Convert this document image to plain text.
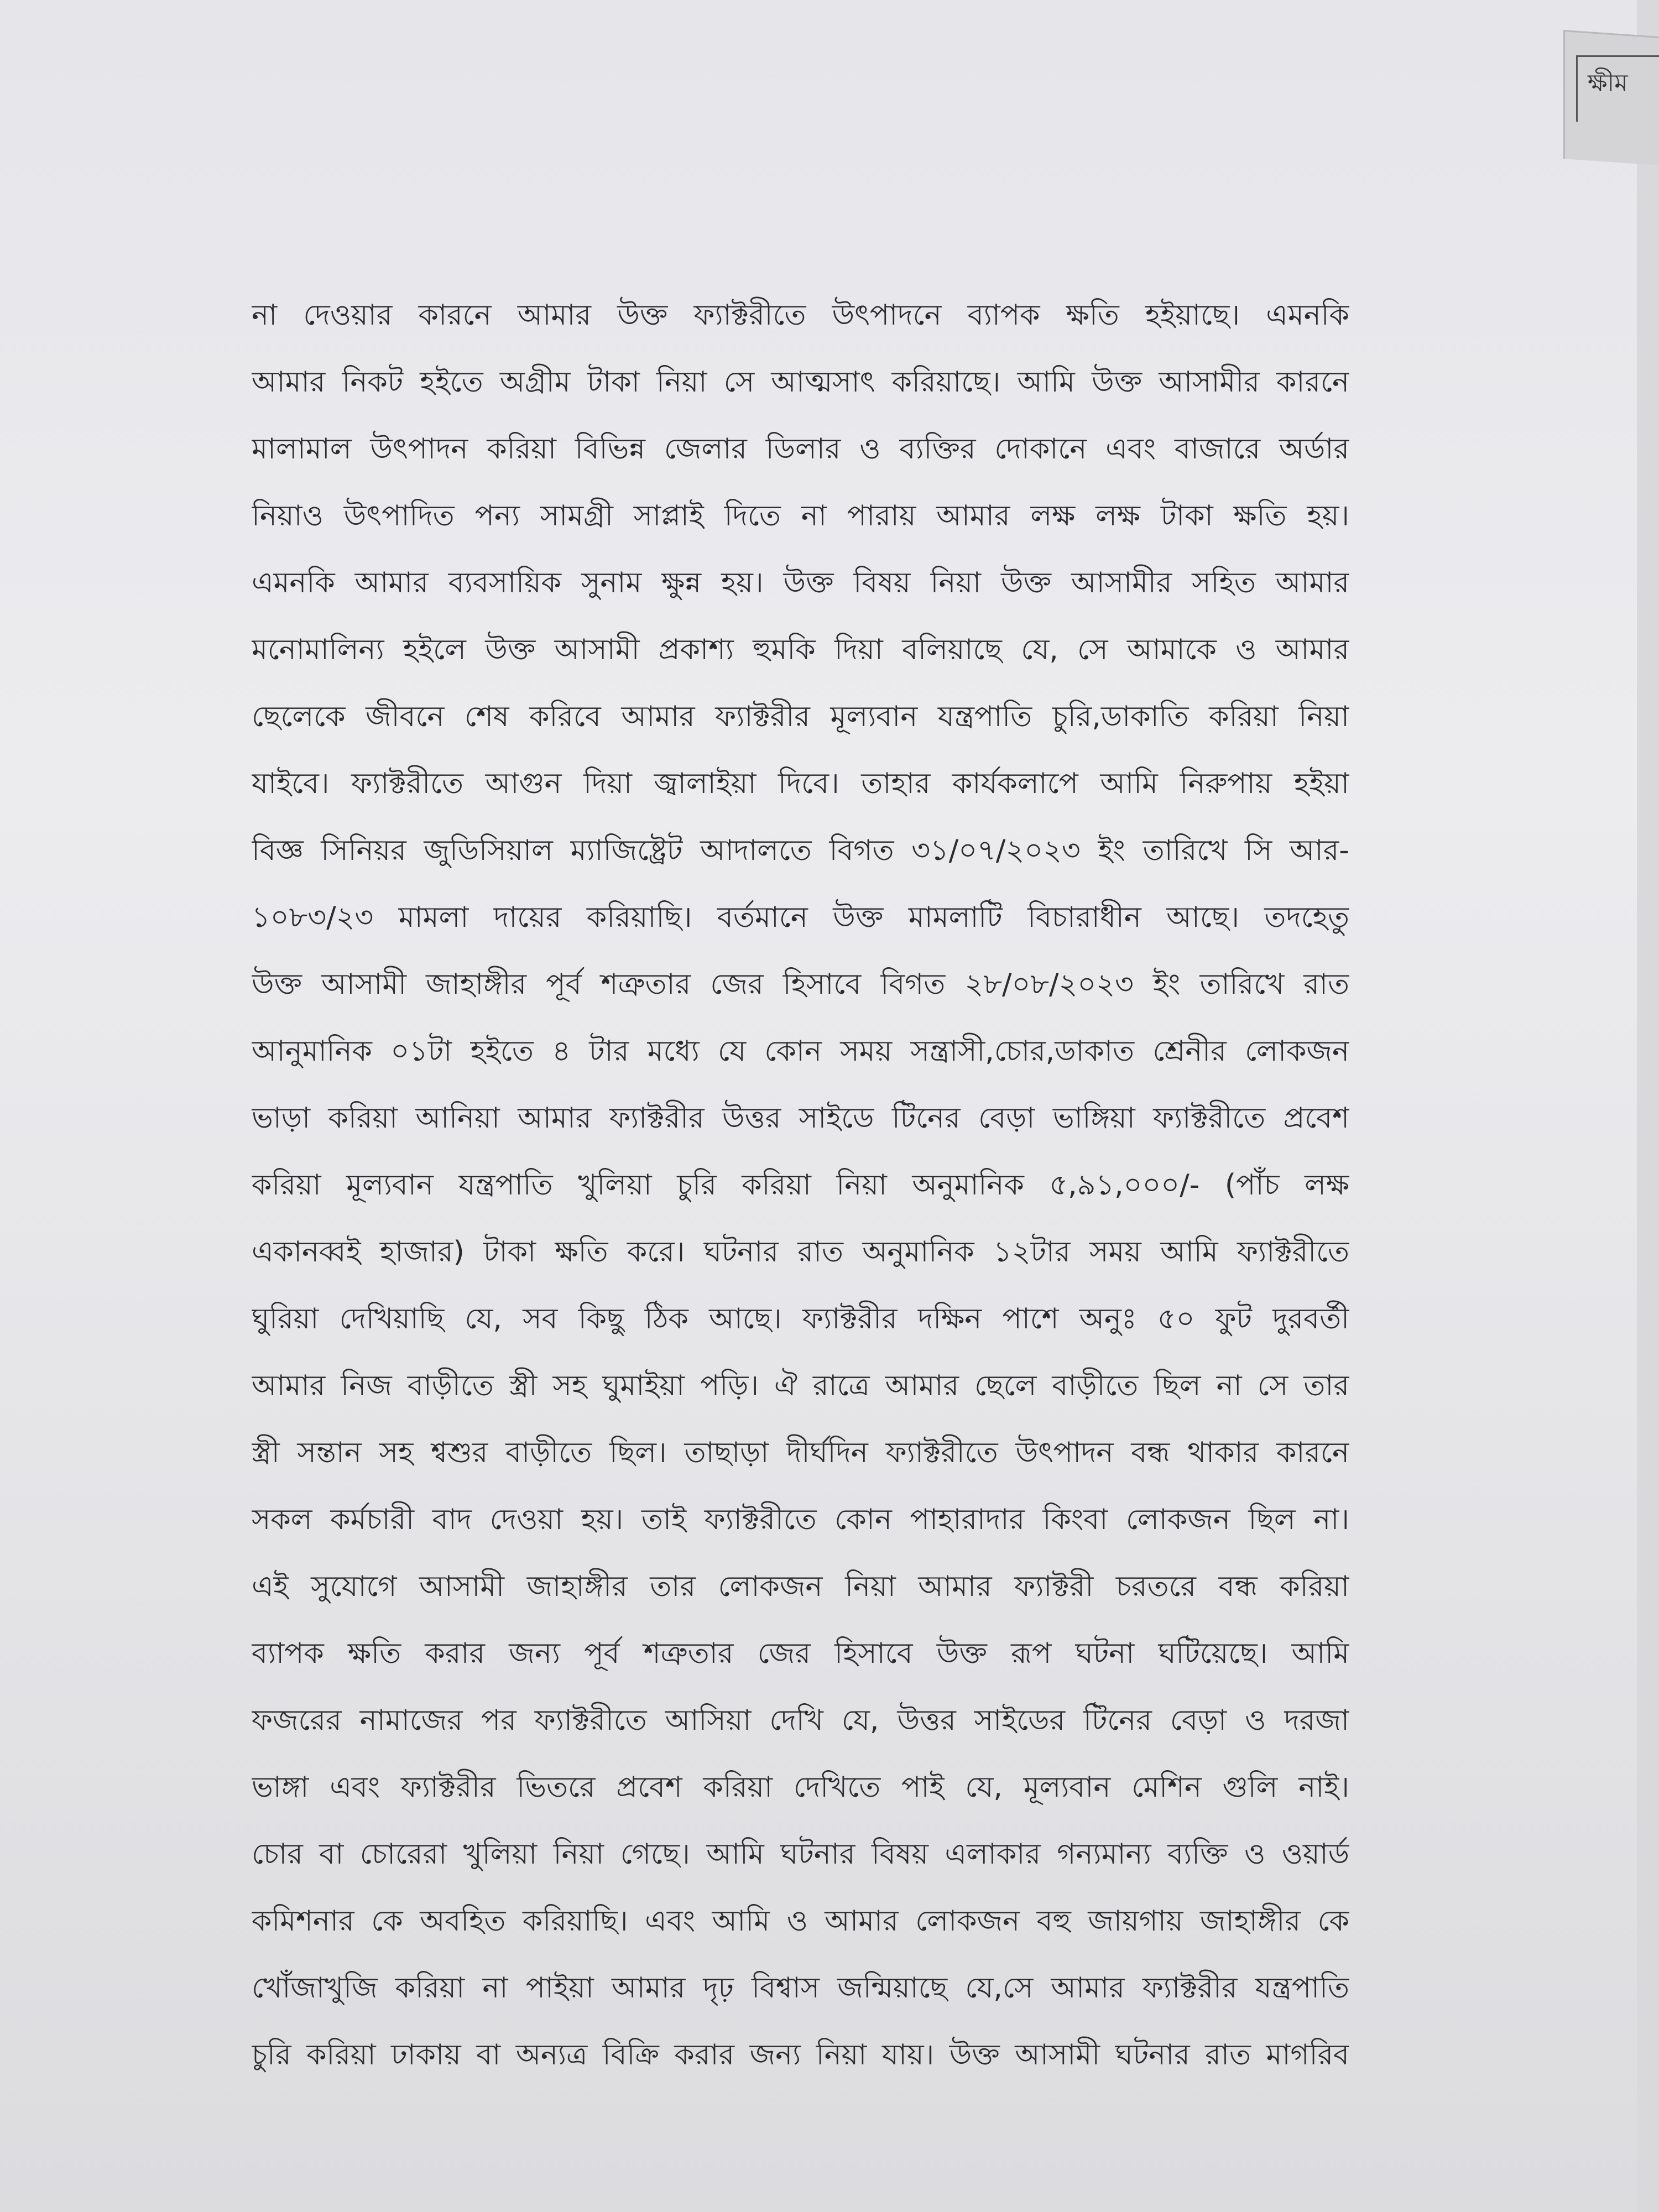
ক্ষীম
না দেওয়ার কারনে আমার উক্ত ফ্যাক্টরীতে উৎপাদনে ব্যাপক ক্ষতি হইয়াছে। এমনকি
আমার নিকট হইতে অগ্রীম টাকা নিয়া সে আত্মসাৎ করিয়াছে। আমি উক্ত আসামীর কারনে
মালামাল উৎপাদন করিয়া বিভিন্ন জেলার ডিলার ও ব্যক্তির দোকানে এবং বাজারে অর্ডার
নিয়াও উৎপাদিত পন্য সামগ্রী সাপ্লাই দিতে না পারায় আমার লক্ষ লক্ষ টাকা ক্ষতি হয়।
এমনকি আমার ব্যবসায়িক সুনাম ক্ষুন্ন হয়। উক্ত বিষয় নিয়া উক্ত আসামীর সহিত আমার
মনোমালিন্য হইলে উক্ত আসামী প্রকাশ্য হুমকি দিয়া বলিয়াছে যে, সে আমাকে ও আমার
ছেলেকে জীবনে শেষ করিবে আমার ফ্যাক্টরীর মূল্যবান যন্ত্রপাতি চুরি,ডাকাতি করিয়া নিয়া
যাইবে। ফ্যাক্টরীতে আগুন দিয়া জ্বালাইয়া দিবে। তাহার কার্যকলাপে আমি নিরুপায় হইয়া
বিজ্ঞ সিনিয়র জুডিসিয়াল ম্যাজিষ্ট্রেট আদালতে বিগত ৩১/০৭/২০২৩ ইং তারিখে সি আর-
১০৮৩/২৩ মামলা দায়ের করিয়াছি। বর্তমানে উক্ত মামলাটি বিচারাধীন আছে। তদহেতু
উক্ত আসামী জাহাঙ্গীর পূর্ব শত্রুতার জের হিসাবে বিগত ২৮/০৮/২০২৩ ইং তারিখে রাত
আনুমানিক ০১টা হইতে ৪ টার মধ্যে যে কোন সময় সন্ত্রাসী,চোর,ডাকাত শ্রেনীর লোকজন
ভাড়া করিয়া আনিয়া আমার ফ্যাক্টরীর উত্তর সাইডে টিনের বেড়া ভাঙ্গিয়া ফ্যাক্টরীতে প্রবেশ
করিয়া মূল্যবান যন্ত্রপাতি খুলিয়া চুরি করিয়া নিয়া অনুমানিক ৫,৯১,০০০/- (পাঁচ লক্ষ
একানব্বই হাজার) টাকা ক্ষতি করে। ঘটনার রাত অনুমানিক ১২টার সময় আমি ফ্যাক্টরীতে
ঘুরিয়া দেখিয়াছি যে, সব কিছু ঠিক আছে। ফ্যাক্টরীর দক্ষিন পাশে অনুঃ ৫০ ফুট দুরবর্তী
আমার নিজ বাড়ীতে স্ত্রী সহ ঘুমাইয়া পড়ি। ঐ রাত্রে আমার ছেলে বাড়ীতে ছিল না সে তার
স্ত্রী সন্তান সহ শ্বশুর বাড়ীতে ছিল। তাছাড়া দীর্ঘদিন ফ্যাক্টরীতে উৎপাদন বন্ধ থাকার কারনে
সকল কর্মচারী বাদ দেওয়া হয়। তাই ফ্যাক্টরীতে কোন পাহারাদার কিংবা লোকজন ছিল না।
এই সুযোগে আসামী জাহাঙ্গীর তার লোকজন নিয়া আমার ফ্যাক্টরী চরতরে বন্ধ করিয়া
ব্যাপক ক্ষতি করার জন্য পূর্ব শত্রুতার জের হিসাবে উক্ত রূপ ঘটনা ঘটিয়েছে। আমি
ফজরের নামাজের পর ফ্যাক্টরীতে আসিয়া দেখি যে, উত্তর সাইডের টিনের বেড়া ও দরজা
ভাঙ্গা এবং ফ্যাক্টরীর ভিতরে প্রবেশ করিয়া দেখিতে পাই যে, মূল্যবান মেশিন গুলি নাই।
চোর বা চোরেরা খুলিয়া নিয়া গেছে। আমি ঘটনার বিষয় এলাকার গন্যমান্য ব্যক্তি ও ওয়ার্ড
কমিশনার কে অবহিত করিয়াছি। এবং আমি ও আমার লোকজন বহু জায়গায় জাহাঙ্গীর কে
খোঁজাখুজি করিয়া না পাইয়া আমার দৃঢ় বিশ্বাস জন্মিয়াছে যে,সে আমার ফ্যাক্টরীর যন্ত্রপাতি
চুরি করিয়া ঢাকায় বা অন্যত্র বিক্রি করার জন্য নিয়া যায়। উক্ত আসামী ঘটনার রাত মাগরিব
